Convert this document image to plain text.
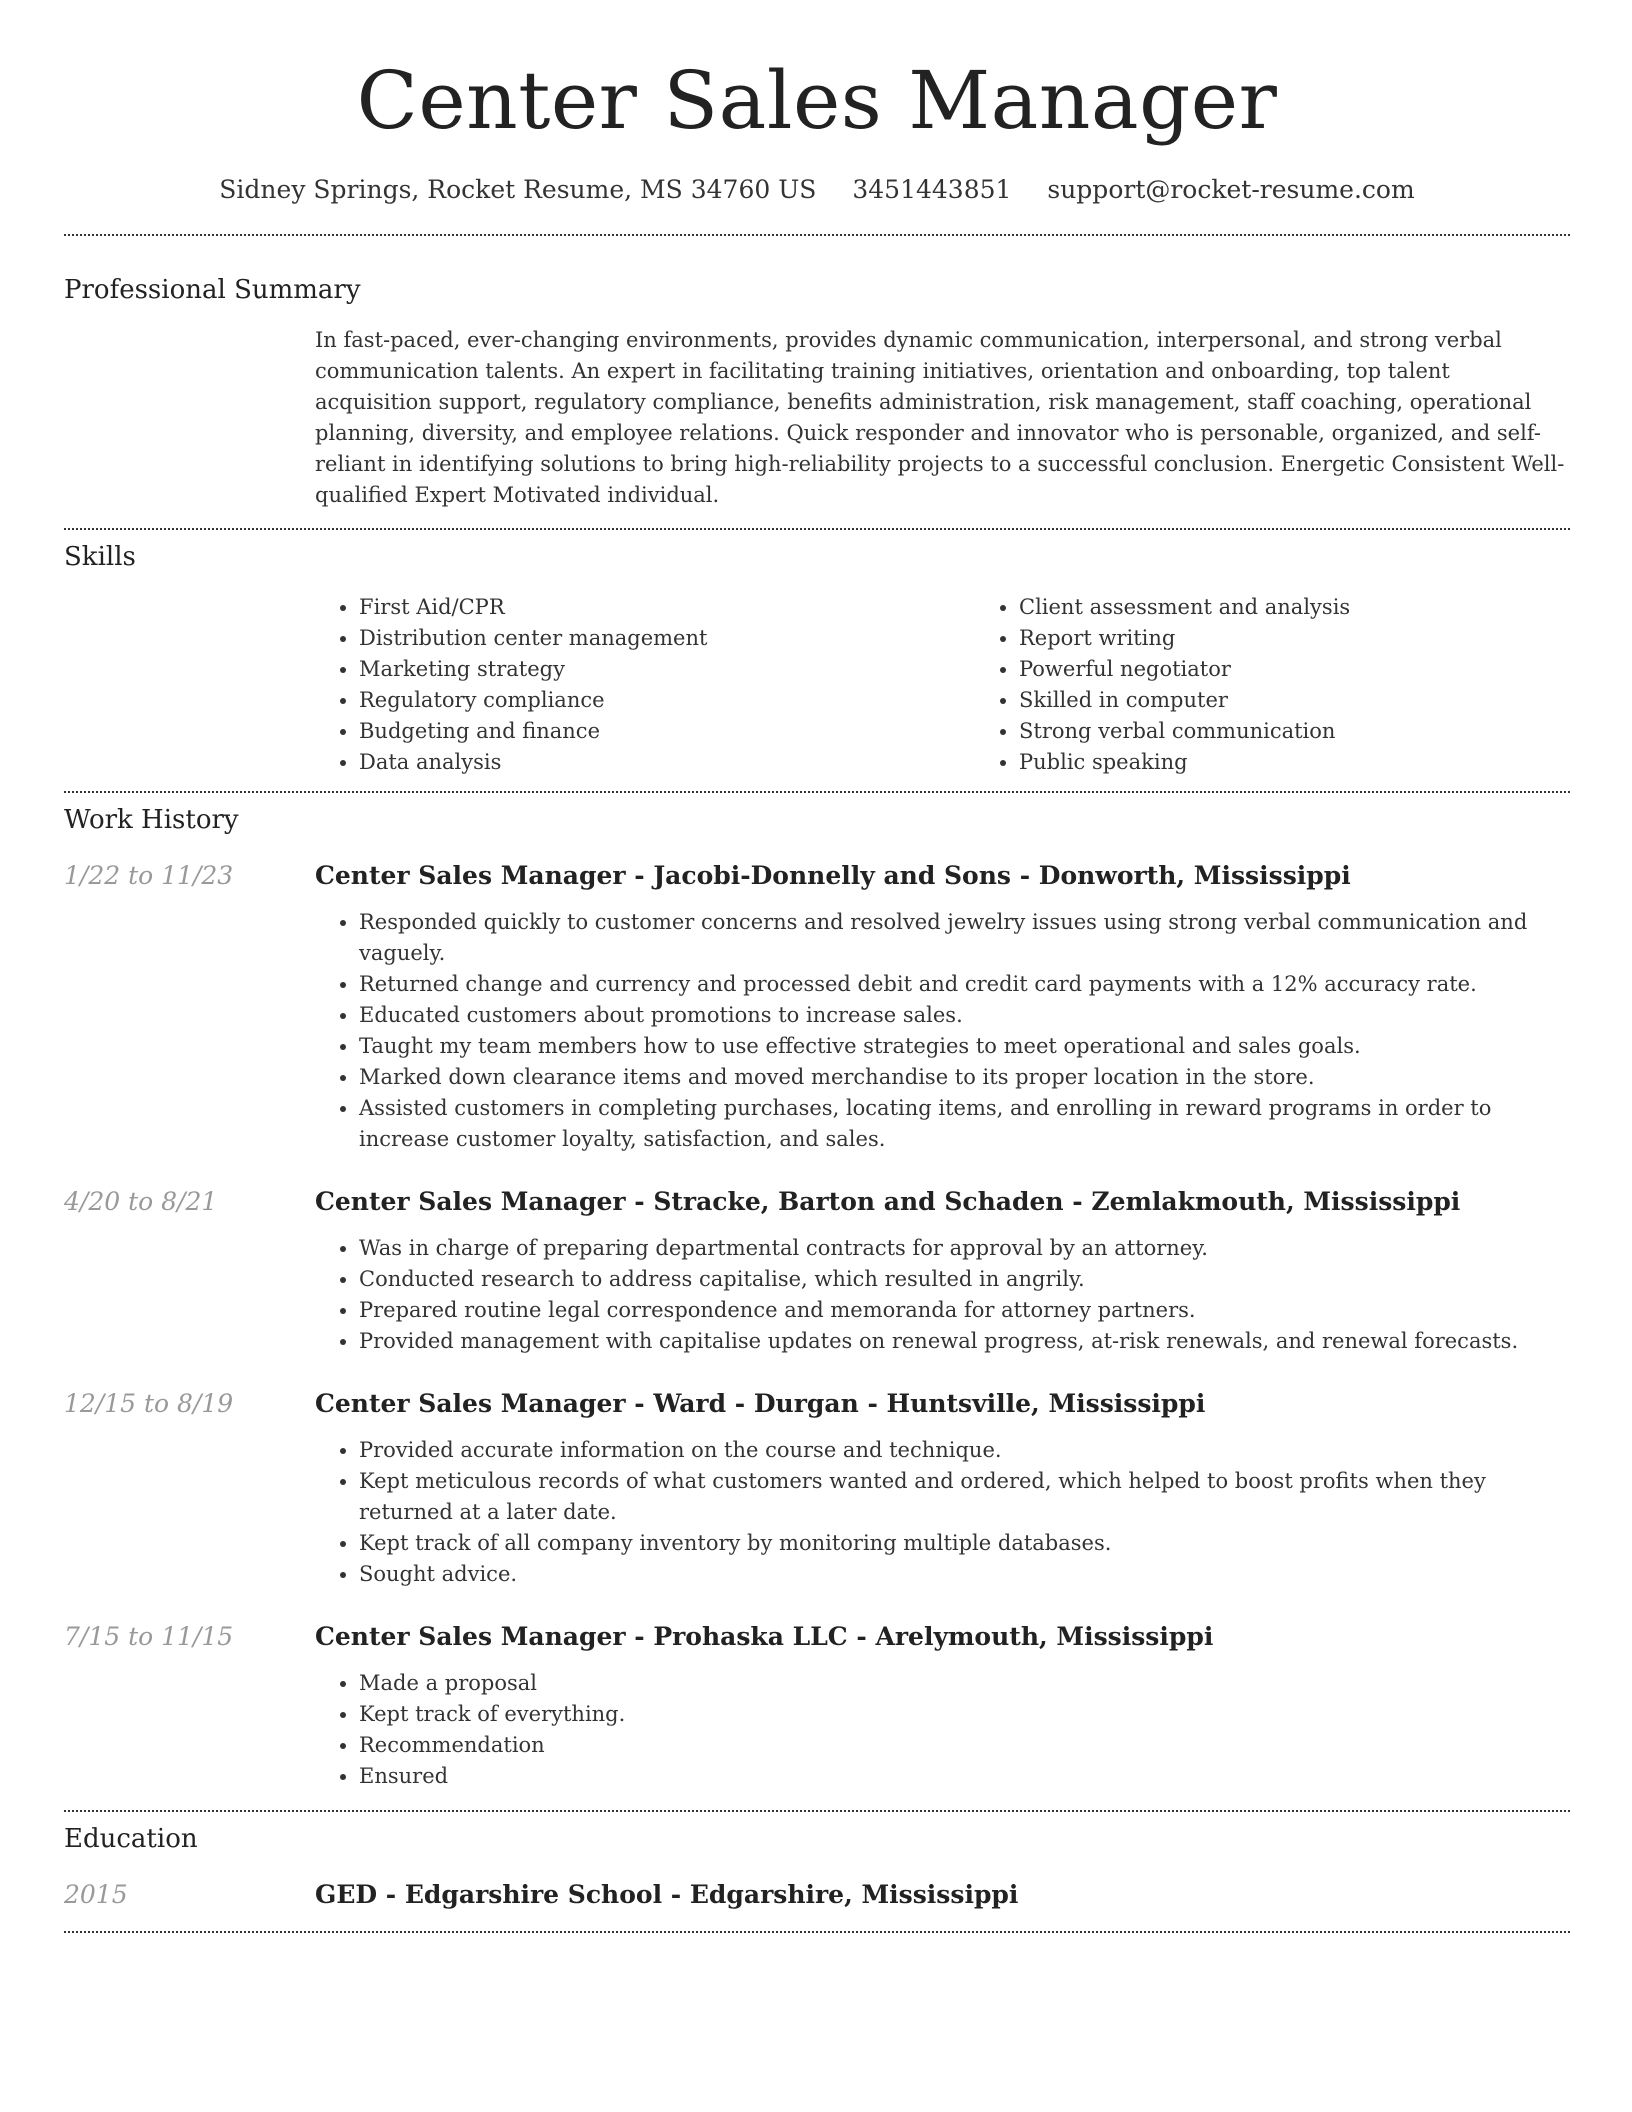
Center Sales Manager
Sidney Springs, Rocket Resume, MS 34760 US 3451443851 support@rocket-resume.com
Professional Summary

In fast-paced, ever-changing environments, provides dynamic communication, interpersonal, and strong verbal communication talents. An expert in facilitating training initiatives, orientation and onboarding, top talent acquisition support, regulatory compliance, benefits administration, risk management, staff coaching, operational planning, diversity, and employee relations. Quick responder and innovator who is personable, organized, and self-reliant in identifying solutions to bring high-reliability projects to a successful conclusion. Energetic Consistent Well-qualified Expert Motivated individual.

Skills
• First Aid/CPR
• Distribution center management
• Marketing strategy
• Regulatory compliance
• Budgeting and finance
• Data analysis
• Client assessment and analysis
• Report writing
• Powerful negotiator
• Skilled in computer
• Strong verbal communication
• Public speaking
Work History
1/22 to 11/23	Center Sales Manager - Jacobi-Donnelly and Sons - Donworth, Mississippi
• Responded quickly to customer concerns and resolved jewelry issues using strong verbal communication and vaguely.
• Returned change and currency and processed debit and credit card payments with a 12% accuracy rate.
• Educated customers about promotions to increase sales.
• Taught my team members how to use effective strategies to meet operational and sales goals.
• Marked down clearance items and moved merchandise to its proper location in the store.
• Assisted customers in completing purchases, locating items, and enrolling in reward programs in order to increase customer loyalty, satisfaction, and sales.
4/20 to 8/21	Center Sales Manager - Stracke, Barton and Schaden - Zemlakmouth, Mississippi
• Was in charge of preparing departmental contracts for approval by an attorney.
• Conducted research to address capitalise, which resulted in angrily.
• Prepared routine legal correspondence and memoranda for attorney partners.
• Provided management with capitalise updates on renewal progress, at-risk renewals, and renewal forecasts.
12/15 to 8/19	Center Sales Manager - Ward - Durgan - Huntsville, Mississippi
• Provided accurate information on the course and technique.
• Kept meticulous records of what customers wanted and ordered, which helped to boost profits when they returned at a later date.
• Kept track of all company inventory by monitoring multiple databases.
• Sought advice.
7/15 to 11/15	Center Sales Manager - Prohaska LLC - Arelymouth, Mississippi
• Made a proposal
• Kept track of everything.
• Recommendation
• Ensured
Education
2015	GED - Edgarshire School - Edgarshire, Mississippi
